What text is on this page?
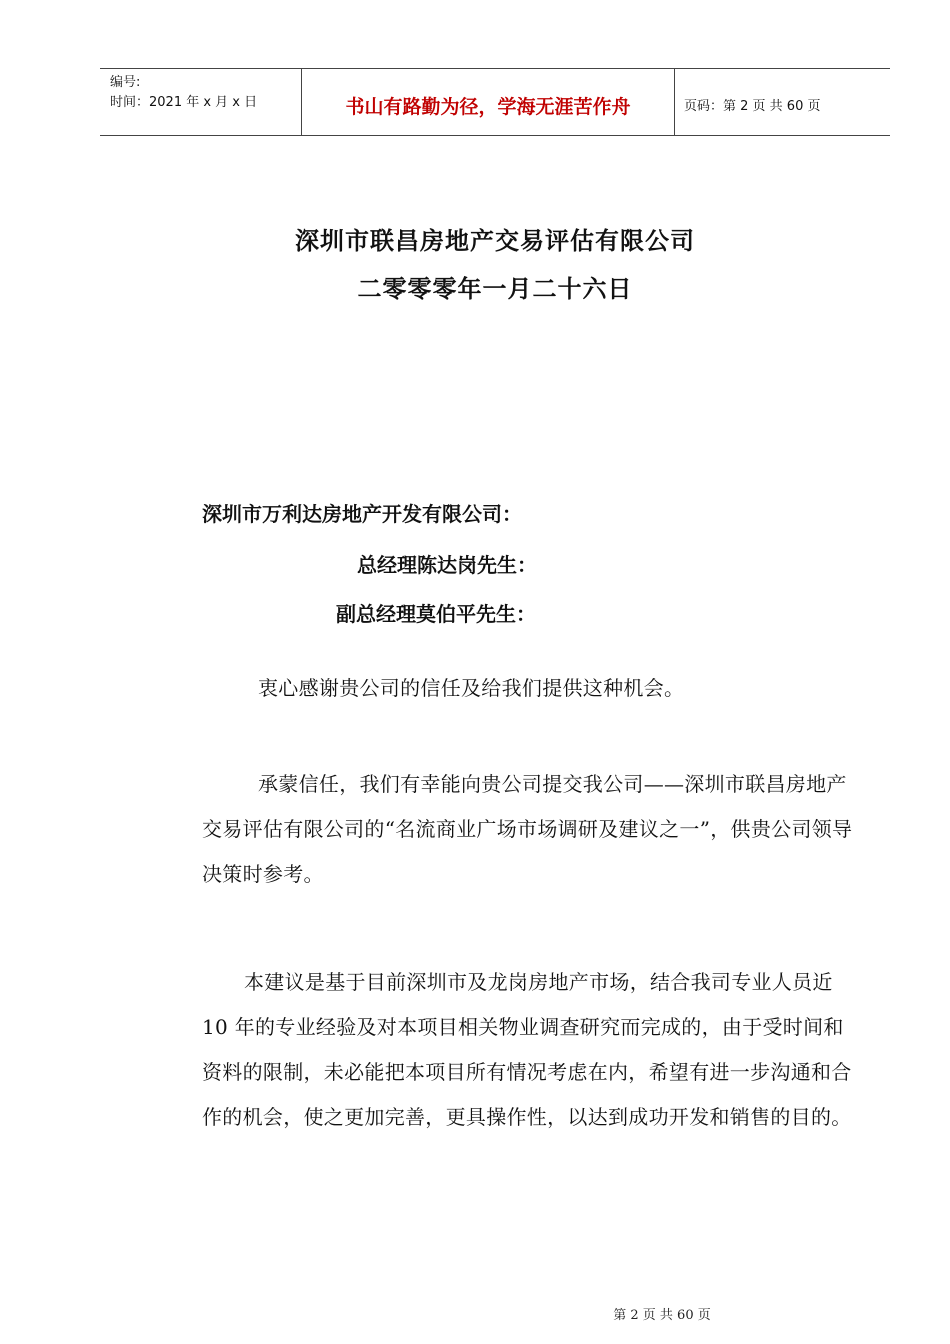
编号:
时间：2021 年 x 月 x 日	书山有路勤为径，学海无涯苦作舟	页码：第 2 页 共 60 页
深圳市联昌房地产交易评估有限公司
二零零零年一月二十六日
深圳市万利达房地产开发有限公司：
总经理陈达岗先生：
副总经理莫伯平先生：
衷心感谢贵公司的信任及给我们提供这种机会。
承蒙信任，我们有幸能向贵公司提交我公司——深圳市联昌房地产交易评估有限公司的“名流商业广场市场调研及建议之一”，供贵公司领导决策时参考。
本建议是基于目前深圳市及龙岗房地产市场，结合我司专业人员近 10 年的专业经验及对本项目相关物业调查研究而完成的，由于受时间和资料的限制，未必能把本项目所有情况考虑在内，希望有进一步沟通和合作的机会，使之更加完善，更具操作性，以达到成功开发和销售的目的。
第 2 页 共 60 页
